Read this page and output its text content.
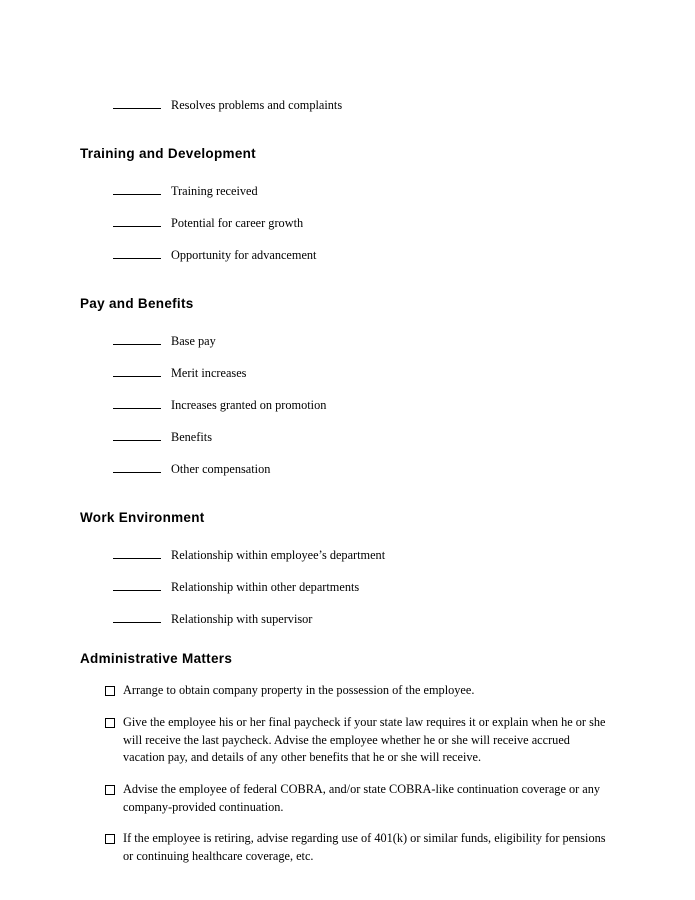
Resolves problems and complaints
Training and Development
Training received
Potential for career growth
Opportunity for advancement
Pay and Benefits
Base pay
Merit increases
Increases granted on promotion
Benefits
Other compensation
Work Environment
Relationship within employee’s department
Relationship within other departments
Relationship with supervisor
Administrative Matters
Arrange to obtain company property in the possession of the employee.
Give the employee his or her final paycheck if your state law requires it or explain when he or she will receive the last paycheck. Advise the employee whether he or she will receive accrued vacation pay, and details of any other benefits that he or she will receive.
Advise the employee of federal COBRA, and/or state COBRA-like continuation coverage or any company-provided continuation.
If the employee is retiring, advise regarding use of 401(k) or similar funds, eligibility for pensions or continuing healthcare coverage, etc.
